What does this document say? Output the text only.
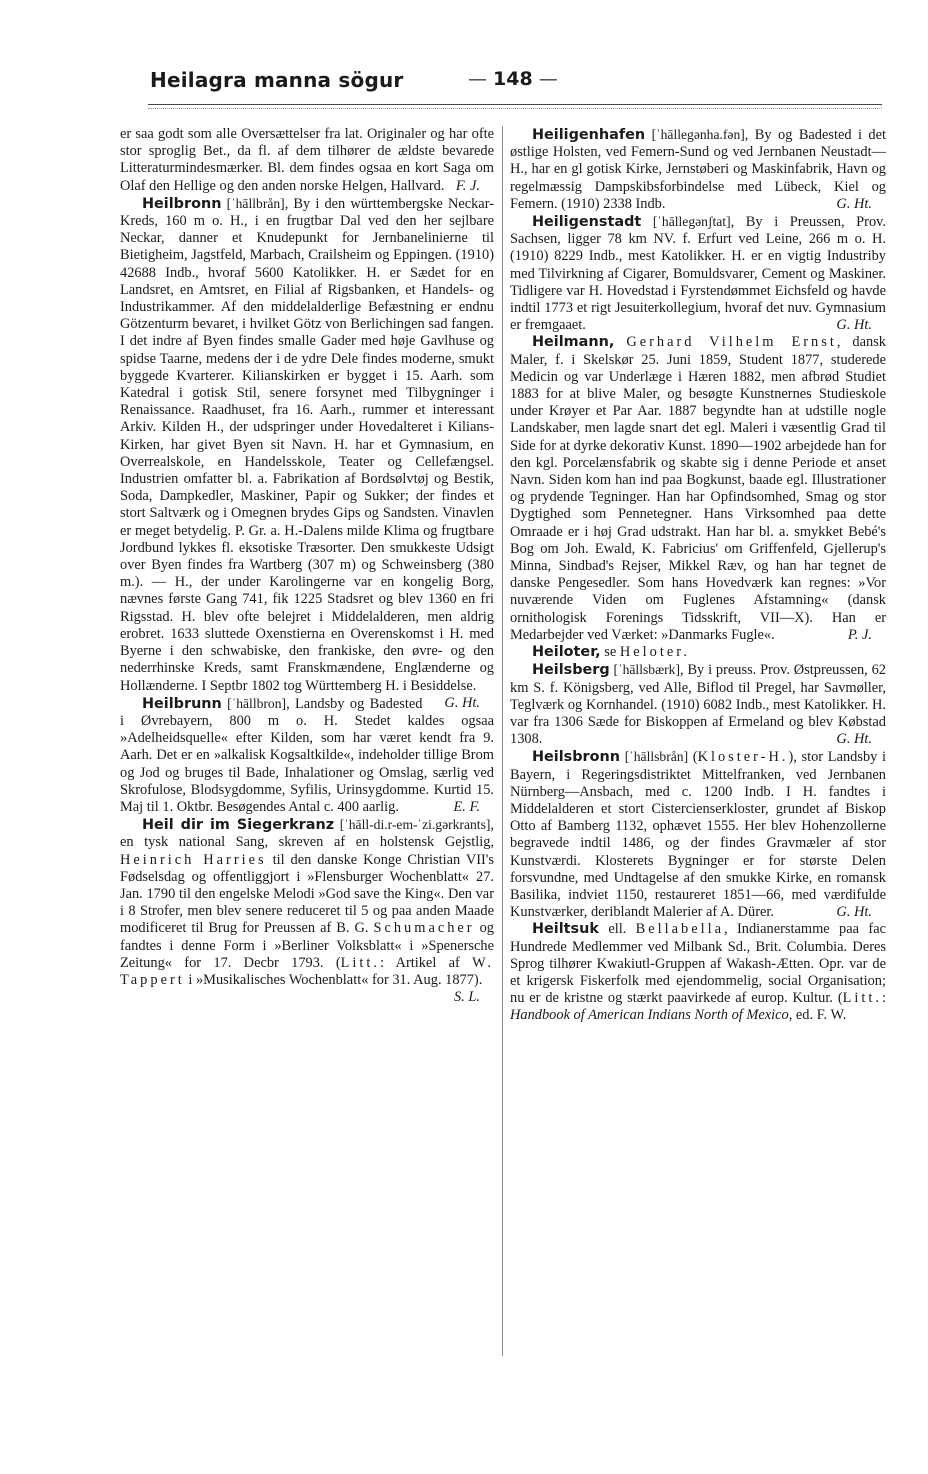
Heilagra manna sögur	— 148 —

er saa godt som alle Oversættelser fra lat. Originaler og har ofte stor sproglig Bet., da fl. af dem tilhører de ældste bevarede Litteraturmindesmærker. Bl. dem findes ogsaa en kort Saga om Olaf den Hellige og den anden norske Helgen, Hallvard. F. J.

Heilbronn [ˈhāllbrån], By i den württembergske Neckar-Kreds, 160 m o. H., i en frugtbar Dal ved den her sejlbare Neckar, danner et Knudepunkt for Jernbanelinierne til Bietigheim, Jagstfeld, Marbach, Crailsheim og Eppingen. (1910) 42688 Indb., hvoraf 5600 Katolikker. H. er Sædet for en Landsret, en Amtsret, en Filial af Rigsbanken, et Handels- og Industrikammer. Af den middelalderlige Befæstning er endnu Götzenturm bevaret, i hvilket Götz von Berlichingen sad fangen. I det indre af Byen findes smalle Gader med høje Gavlhuse og spidse Taarne, medens der i de ydre Dele findes moderne, smukt byggede Kvarterer. Kilianskirken er bygget i 15. Aarh. som Katedral i gotisk Stil, senere forsynet med Tilbygninger i Renaissance. Raadhuset, fra 16. Aarh., rummer et interessant Arkiv. Kilden H., der udspringer under Hovedalteret i Kilians-Kirken, har givet Byen sit Navn. H. har et Gymnasium, en Overrealskole, en Handelsskole, Teater og Cellefængsel. Industrien omfatter bl. a. Fabrikation af Bordsølvtøj og Bestik, Soda, Dampkedler, Maskiner, Papir og Sukker; der findes et stort Saltværk og i Omegnen brydes Gips og Sandsten. Vinavlen er meget betydelig. P. Gr. a. H.-Dalens milde Klima og frugtbare Jordbund lykkes fl. eksotiske Træsorter. Den smukkeste Udsigt over Byen findes fra Wartberg (307 m) og Schweinsberg (380 m.). — H., der under Karolingerne var en kongelig Borg, nævnes første Gang 741, fik 1225 Stadsret og blev 1360 en fri Rigsstad. H. blev ofte belejret i Middelalderen, men aldrig erobret. 1633 sluttede Oxenstierna en Overenskomst i H. med Byerne i den schwabiske, den frankiske, den øvre- og den nederrhinske Kreds, samt Franskmændene, Englænderne og Hollænderne. I Septbr 1802 tog Württemberg H. i Besiddelse.
G. Ht.

Heilbrunn [ˈhāllbron], Landsby og Badested i Øvrebayern, 800 m o. H. Stedet kaldes ogsaa »Adelheidsquelle« efter Kilden, som har været kendt fra 9. Aarh. Det er en »alkalisk Kogsaltkilde«, indeholder tillige Brom og Jod og bruges til Bade, Inhalationer og Omslag, særlig ved Skrofulose, Blodsygdomme, Syfilis, Urinsygdomme. Kurtid 15. Maj til 1. Oktbr. Besøgendes Antal c. 400 aarlig.	E. F.

Heil dir im Siegerkranz [ˈhāll-di.r-em-ˈzi.gərkrants], en tysk national Sang, skreven af en holstensk Gejstlig, Heinrich Harries til den danske Konge Christian VII's Fødselsdag og offentliggjort i »Flensburger Wochenblatt« 27. Jan. 1790 til den engelske Melodi »God save the King«. Den var i 8 Strofer, men blev senere reduceret til 5 og paa anden Maade modificeret til Brug for Preussen af B. G. Schumacher og fandtes i denne Form i »Berliner Volksblatt« i »Spenersche Zeitung« for 17. Decbr 1793. (Litt.: Artikel af W. Tappert i »Musikalisches Wochenblatt« for 31. Aug. 1877).
S. L.

Heiligenhafen [ˈhāllegənha.fən], By og Badested i det østlige Holsten, ved Femern-Sund og ved Jernbanen Neustadt—H., har en gl gotisk Kirke, Jernstøberi og Maskinfabrik, Havn og regelmæssig Dampskibsforbindelse med Lübeck, Kiel og Femern. (1910) 2338 Indb.	G. Ht.

Heiligenstadt [ˈhāllegənʃtat], By i Preussen, Prov. Sachsen, ligger 78 km NV. f. Erfurt ved Leine, 266 m o. H. (1910) 8229 Indb., mest Katolikker. H. er en vigtig Industriby med Tilvirkning af Cigarer, Bomuldsvarer, Cement og Maskiner. Tidligere var H. Hovedstad i Fyrstendømmet Eichsfeld og havde indtil 1773 et rigt Jesuiterkollegium, hvoraf det nuv. Gymnasium er fremgaaet.	G. Ht.

Heilmann, Gerhard Vilhelm Ernst, dansk Maler, f. i Skelskør 25. Juni 1859, Student 1877, studerede Medicin og var Underlæge i Hæren 1882, men afbrød Studiet 1883 for at blive Maler, og besøgte Kunstnernes Studieskole under Krøyer et Par Aar. 1887 begyndte han at udstille nogle Landskaber, men lagde snart det egl. Maleri i væsentlig Grad til Side for at dyrke dekorativ Kunst. 1890—1902 arbejdede han for den kgl. Porcelænsfabrik og skabte sig i denne Periode et anset Navn. Siden kom han ind paa Bogkunst, baade egl. Illustrationer og prydende Tegninger. Han har Opfindsomhed, Smag og stor Dygtighed som Pennetegner. Hans Virksomhed paa dette Omraade er i høj Grad udstrakt. Han har bl. a. smykket Bebé's Bog om Joh. Ewald, K. Fabricius' om Griffenfeld, Gjellerup's Minna, Sindbad's Rejser, Mikkel Ræv, og han har tegnet de danske Pengesedler. Som hans Hovedværk kan regnes: »Vor nuværende Viden om Fuglenes Afstamning« (dansk ornithologisk Forenings Tidsskrift, VII—X). Han er Medarbejder ved Værket: »Danmarks Fugle«.	P. J.

Heiloter, se Heloter.

Heilsberg [ˈhāllsbærk], By i preuss. Prov. Østpreussen, 62 km S. f. Königsberg, ved Alle, Biflod til Pregel, har Savmøller, Teglværk og Kornhandel. (1910) 6082 Indb., mest Katolikker. H. var fra 1306 Sæde for Biskoppen af Ermeland og blev Købstad 1308.	G. Ht.

Heilsbronn [ˈhāllsbrån] (Kloster-H.), stor Landsby i Bayern, i Regeringsdistriktet Mittelfranken, ved Jernbanen Nürnberg—Ansbach, med c. 1200 Indb. I H. fandtes i Middelalderen et stort Cistercienserkloster, grundet af Biskop Otto af Bamberg 1132, ophævet 1555. Her blev Hohenzollerne begravede indtil 1486, og der findes Gravmæler af stor Kunstværdi. Klosterets Bygninger er for største Delen forsvundne, med Undtagelse af den smukke Kirke, en romansk Basilika, indviet 1150, restaureret 1851—66, med værdifulde Kunstværker, deriblandt Malerier af A. Dürer.	G. Ht.

Heiltsuk ell. Bellabella, Indianerstamme paa fac Hundrede Medlemmer ved Milbank Sd., Brit. Columbia. Deres Sprog tilhører Kwakiutl-Gruppen af Wakash-Ætten. Opr. var de et krigersk Fiskerfolk med ejendommelig, social Organisation; nu er de kristne og stærkt paavirkede af europ. Kultur. (Litt.: Handbook of American Indians North of Mexico, ed. F. W.
